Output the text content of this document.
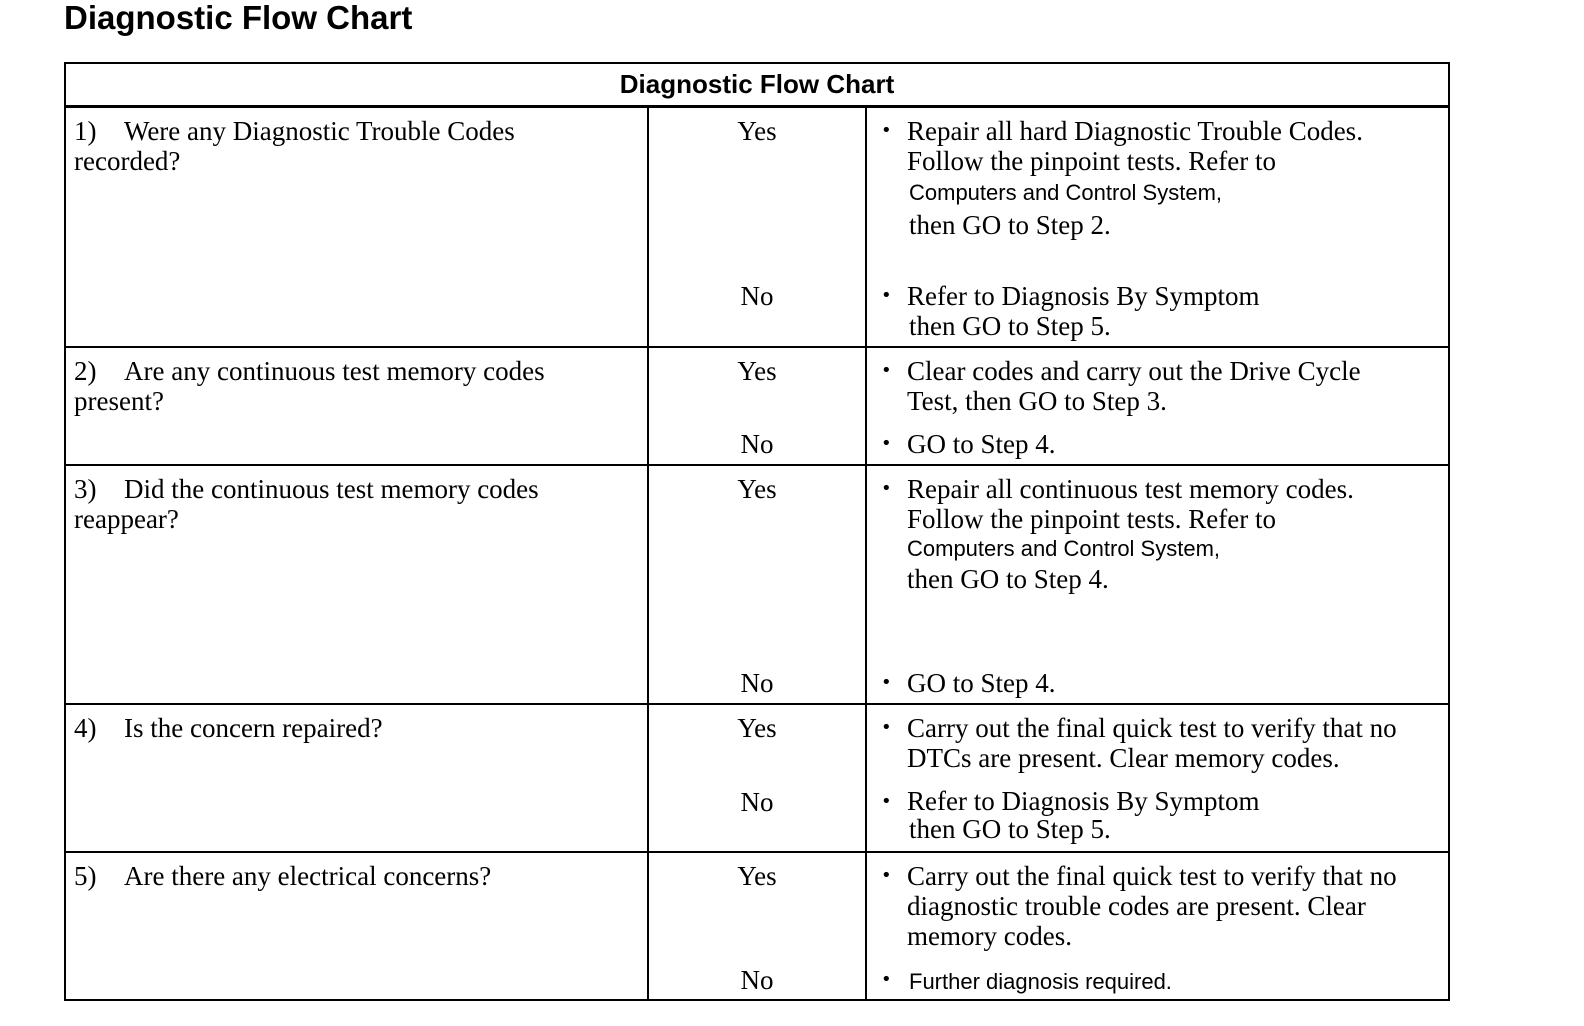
Diagnostic Flow Chart
Diagnostic Flow Chart
1) Were any Diagnostic Trouble Codes
recorded?
Yes
No
• Repair all hard Diagnostic Trouble Codes.
Follow the pinpoint tests. Refer to
Computers and Control System,
then GO to Step 2.
• Refer to Diagnosis By Symptom
then GO to Step 5.
2) Are any continuous test memory codes
present?
Yes
No
• Clear codes and carry out the Drive Cycle
Test, then GO to Step 3.
• GO to Step 4.
3) Did the continuous test memory codes
reappear?
Yes
No
• Repair all continuous test memory codes.
Follow the pinpoint tests. Refer to
Computers and Control System,
then GO to Step 4.
• GO to Step 4.
4) Is the concern repaired?	Yes
No
• Carry out the final quick test to verify that no
DTCs are present. Clear memory codes.
• Refer to Diagnosis By Symptom
then GO to Step 5.
5) Are there any electrical concerns?	Yes
No
• Carry out the final quick test to verify that no
diagnostic trouble codes are present. Clear
memory codes.
• Further diagnosis required.
